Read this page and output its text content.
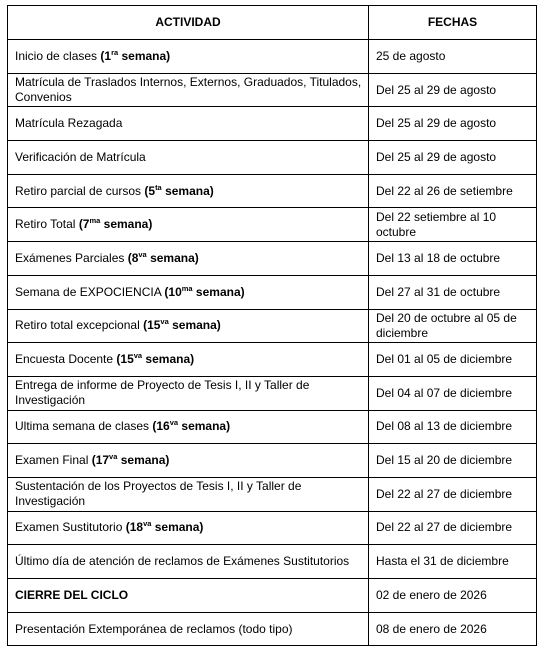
ACTIVIDAD	FECHAS
Inicio de clases ($1^{ra}$ semana)	25 de agosto
Matrícula de Traslados Internos, Externos, Graduados, Titulados, Convenios	Del 25 al 29 de agosto
Matrícula Rezagada	Del 25 al 29 de agosto
Verificación de Matrícula	Del 25 al 29 de agosto
Retiro parcial de cursos ($5^{ta}$ semana)	Del 22 al 26 de setiembre
Retiro Total ($7^{ma}$ semana)	Del 22 setiembre al 10 octubre
Exámenes Parciales ($8^{va}$ semana)	Del 13 al 18 de octubre
Semana de EXPOCIENCIA ($10^{ma}$ semana)	Del 27 al 31 de octubre
Retiro total excepcional ($15^{va}$ semana)	Del 20 de octubre al 05 de diciembre
Encuesta Docente ($15^{va}$ semana)	Del 01 al 05 de diciembre
Entrega de informe de Proyecto de Tesis I, II y Taller de Investigación	Del 04 al 07 de diciembre
Ultima semana de clases ($16^{va}$ semana)	Del 08 al 13 de diciembre
Examen Final ($17^{va}$ semana)	Del 15 al 20 de diciembre
Sustentación de los Proyectos de Tesis I, II y Taller de Investigación	Del 22 al 27 de diciembre
Examen Sustitutorio ($18^{va}$ semana)	Del 22 al 27 de diciembre
Último día de atención de reclamos de Exámenes Sustitutorios	Hasta el 31 de diciembre
CIERRE DEL CICLO	02 de enero de 2026
Presentación Extemporánea de reclamos (todo tipo)	08 de enero de 2026
